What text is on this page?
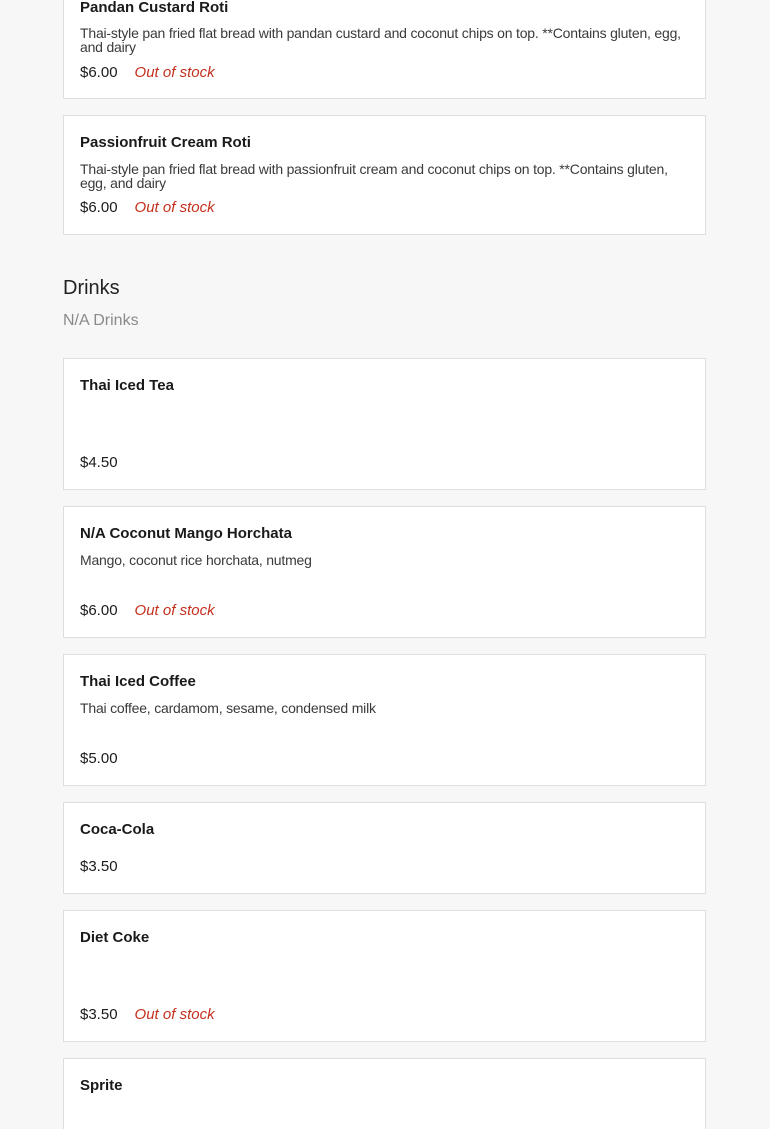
Pandan Custard Roti
Thai-style pan fried flat bread with pandan custard and coconut chips on top. **Contains gluten, egg, and dairy
$6.00 Out of stock
Passionfruit Cream Roti
Thai-style pan fried flat bread with passionfruit cream and coconut chips on top. **Contains gluten, egg, and dairy
$6.00 Out of stock
Drinks
N/A Drinks
Thai Iced Tea
$4.50
N/A Coconut Mango Horchata
Mango, coconut rice horchata, nutmeg
$6.00 Out of stock
Thai Iced Coffee
Thai coffee, cardamom, sesame, condensed milk
$5.00
Coca-Cola
$3.50
Diet Coke
$3.50 Out of stock
Sprite
